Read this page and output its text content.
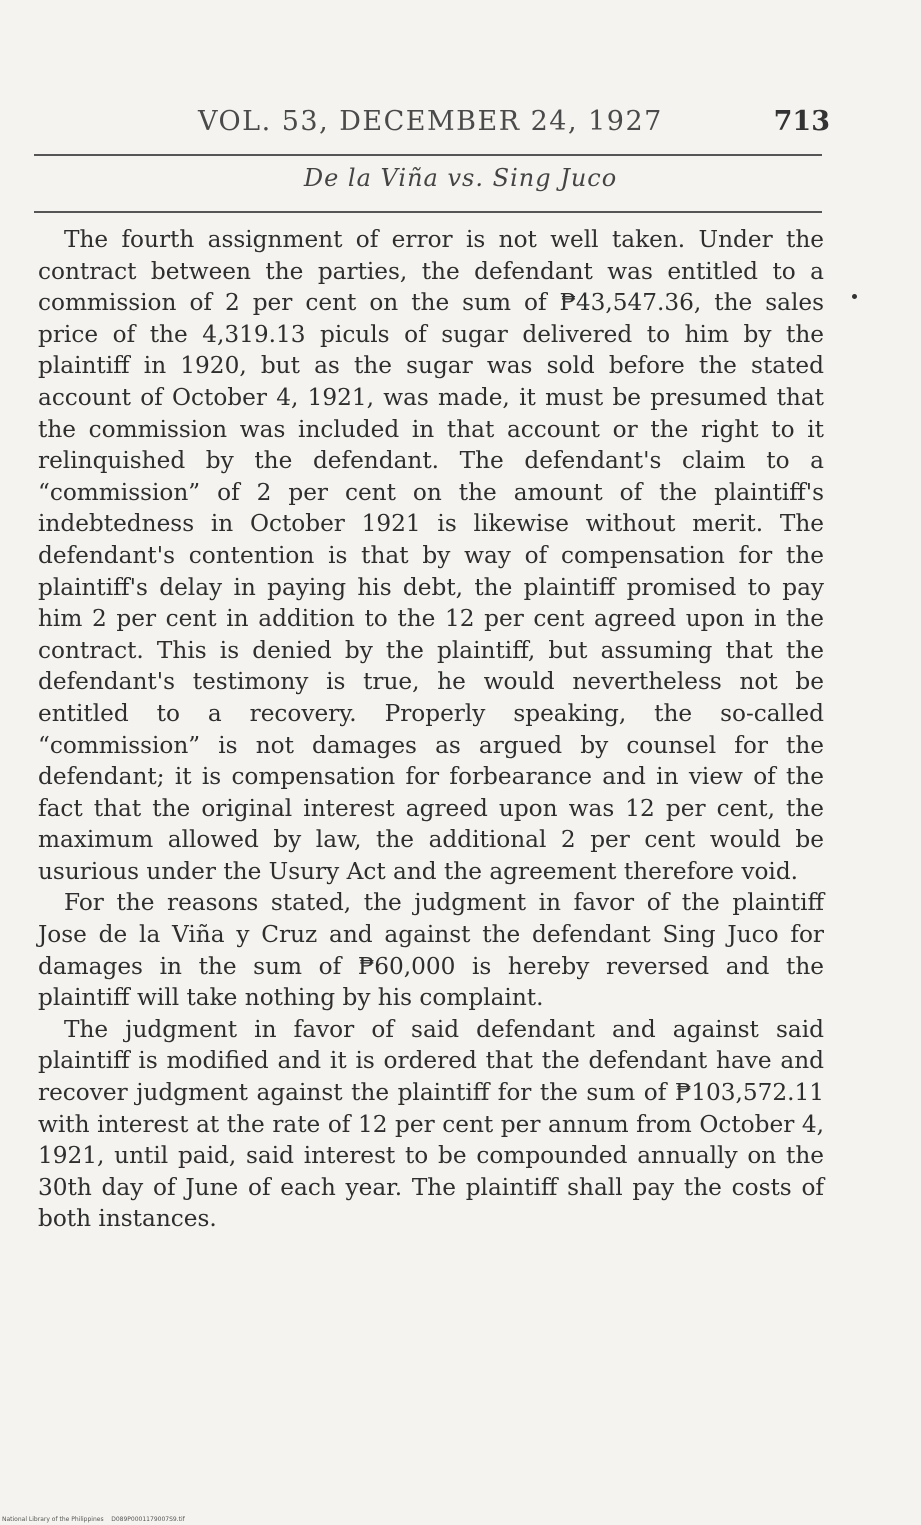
VOL. 53, DECEMBER 24, 1927	713
De la Viña vs. Sing Juco

The fourth assignment of error is not well taken. Under the contract between the parties, the defendant was entitled to a commission of 2 per cent on the sum of ₱43,547.36, the sales price of the 4,319.13 piculs of sugar delivered to him by the plaintiff in 1920, but as the sugar was sold before the stated account of October 4, 1921, was made, it must be presumed that the commission was included in that account or the right to it relinquished by the defendant. The defendant's claim to a “commission” of 2 per cent on the amount of the plaintiff's indebtedness in October 1921 is likewise without merit. The defendant's contention is that by way of compensation for the plaintiff's delay in paying his debt, the plaintiff promised to pay him 2 per cent in addition to the 12 per cent agreed upon in the contract. This is denied by the plaintiff, but assuming that the defendant's testimony is true, he would nevertheless not be entitled to a recovery. Properly speaking, the so-called “commission” is not damages as argued by counsel for the defendant; it is compensation for forbearance and in view of the fact that the original interest agreed upon was 12 per cent, the maximum allowed by law, the additional 2 per cent would be usurious under the Usury Act and the agreement therefore void.

For the reasons stated, the judgment in favor of the plaintiff Jose de la Viña y Cruz and against the defendant Sing Juco for damages in the sum of ₱60,000 is hereby reversed and the plaintiff will take nothing by his complaint.

The judgment in favor of said defendant and against said plaintiff is modified and it is ordered that the defendant have and recover judgment against the plaintiff for the sum of ₱103,572.11 with interest at the rate of 12 per cent per annum from October 4, 1921, until paid, said interest to be compounded annually on the 30th day of June of each year. The plaintiff shall pay the costs of both instances.

National Library of the Philippines D089P0001179007S9.tif
